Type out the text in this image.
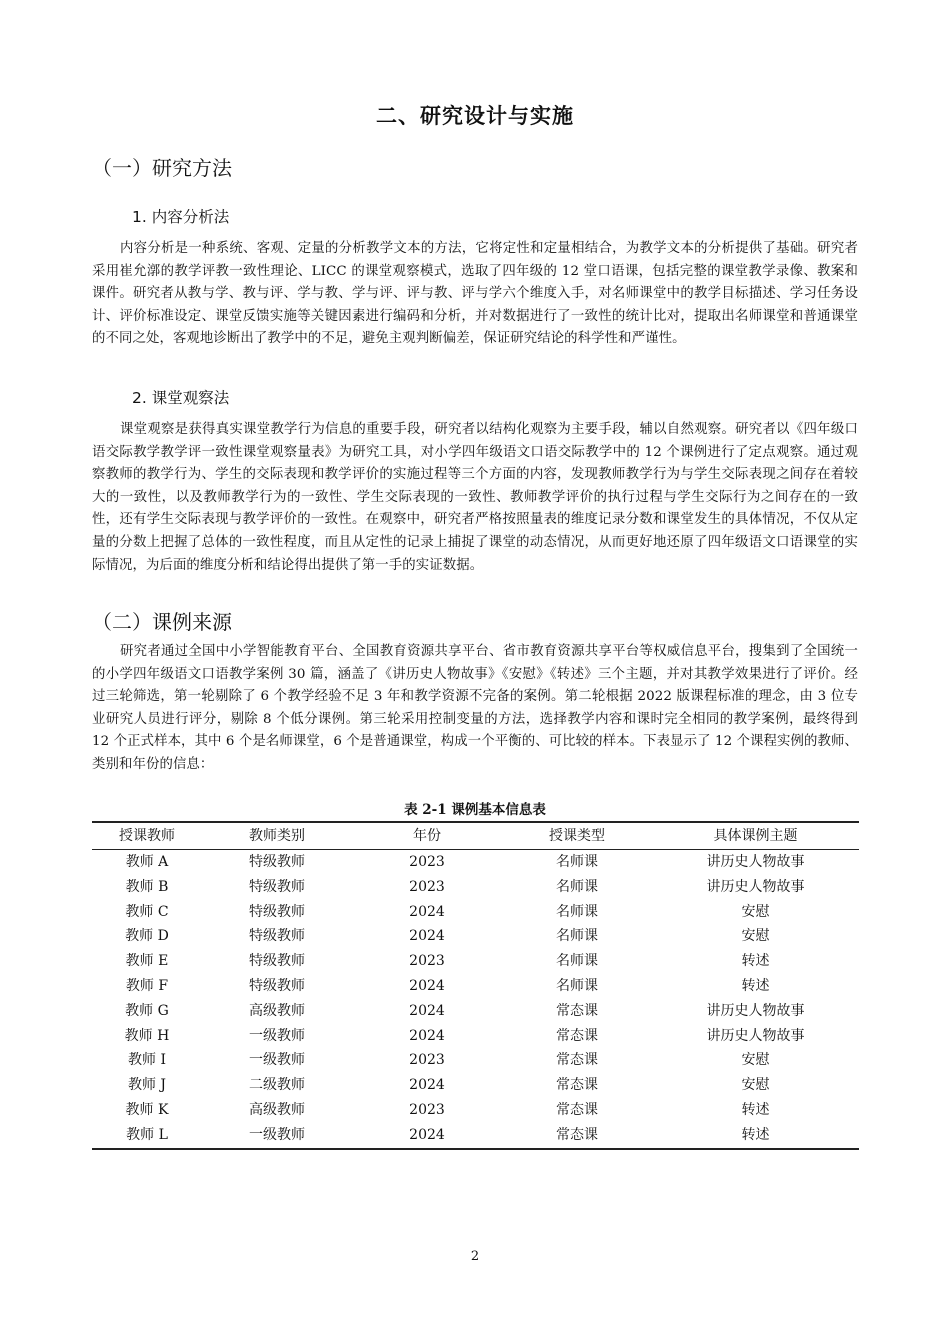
二、研究设计与实施
（一）研究方法
1. 内容分析法

内容分析是一种系统、客观、定量的分析教学文本的方法，它将定性和定量相结合，为教学文本的分析提供了基础。研究者采用崔允漷的教学评教一致性理论、LICC 的课堂观察模式，选取了四年级的 12 堂口语课，包括完整的课堂教学录像、教案和课件。研究者从教与学、教与评、学与教、学与评、评与教、评与学六个维度入手，对名师课堂中的教学目标描述、学习任务设计、评价标准设定、课堂反馈实施等关键因素进行编码和分析，并对数据进行了一致性的统计比对，提取出名师课堂和普通课堂的不同之处，客观地诊断出了教学中的不足，避免主观判断偏差，保证研究结论的科学性和严谨性。

2. 课堂观察法

课堂观察是获得真实课堂教学行为信息的重要手段，研究者以结构化观察为主要手段，辅以自然观察。研究者以《四年级口语交际教学教学评一致性课堂观察量表》为研究工具，对小学四年级语文口语交际教学中的 12 个课例进行了定点观察。通过观察教师的教学行为、学生的交际表现和教学评价的实施过程等三个方面的内容，发现教师教学行为与学生交际表现之间存在着较大的一致性，以及教师教学行为的一致性、学生交际表现的一致性、教师教学评价的执行过程与学生交际行为之间存在的一致性，还有学生交际表现与教学评价的一致性。在观察中，研究者严格按照量表的维度记录分数和课堂发生的具体情况，不仅从定量的分数上把握了总体的一致性程度，而且从定性的记录上捕捉了课堂的动态情况，从而更好地还原了四年级语文口语课堂的实际情况，为后面的维度分析和结论得出提供了第一手的实证数据。

（二）课例来源

研究者通过全国中小学智能教育平台、全国教育资源共享平台、省市教育资源共享平台等权威信息平台，搜集到了全国统一的小学四年级语文口语教学案例 30 篇，涵盖了《讲历史人物故事》《安慰》《转述》三个主题，并对其教学效果进行了评价。经过三轮筛选，第一轮剔除了 6 个教学经验不足 3 年和教学资源不完备的案例。第二轮根据 2022 版课程标准的理念，由 3 位专业研究人员进行评分，剔除 8 个低分课例。第三轮采用控制变量的方法，选择教学内容和课时完全相同的教学案例，最终得到 12 个正式样本，其中 6 个是名师课堂，6 个是普通课堂，构成一个平衡的、可比较的样本。下表显示了 12 个课程实例的教师、类别和年份的信息：

表 2-1 课例基本信息表
授课教师	教师类别	年份	授课类型	具体课例主题
教师 A	特级教师	2023	名师课	讲历史人物故事
教师 B	特级教师	2023	名师课	讲历史人物故事
教师 C	特级教师	2024	名师课	安慰
教师 D	特级教师	2024	名师课	安慰
教师 E	特级教师	2023	名师课	转述
教师 F	特级教师	2024	名师课	转述
教师 G	高级教师	2024	常态课	讲历史人物故事
教师 H	一级教师	2024	常态课	讲历史人物故事
教师 I	一级教师	2023	常态课	安慰
教师 J	二级教师	2024	常态课	安慰
教师 K	高级教师	2023	常态课	转述
教师 L	一级教师	2024	常态课	转述
2
